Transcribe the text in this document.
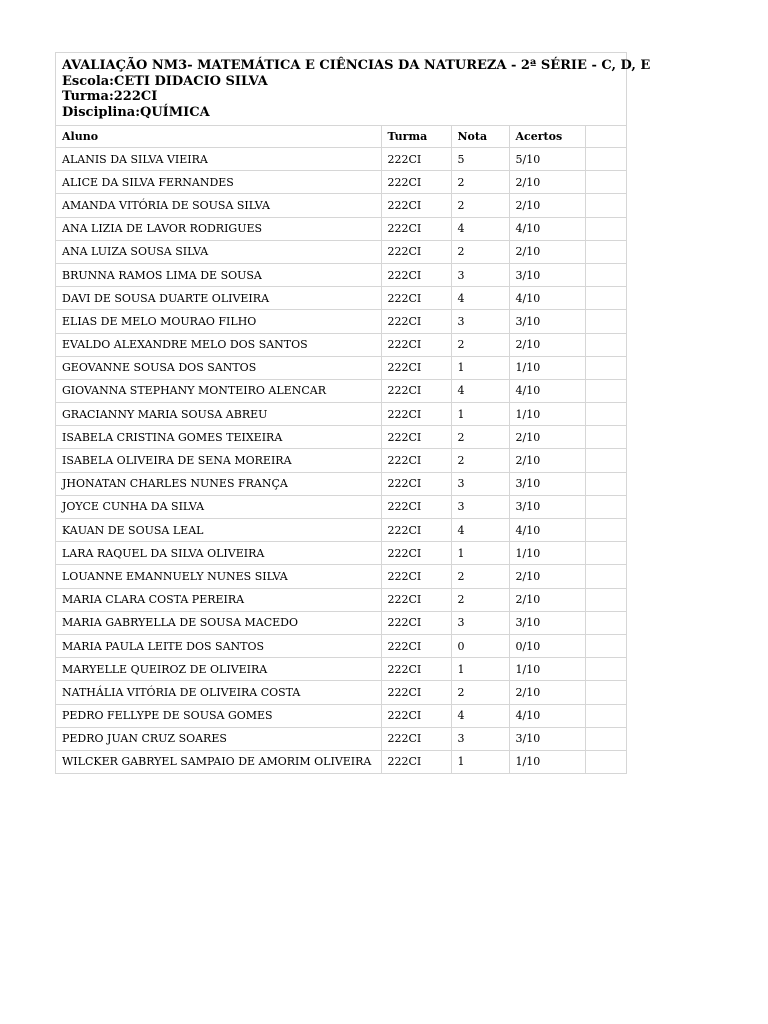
AVALIAÇÃO NM3- MATEMÁTICA E CIÊNCIAS DA NATUREZA - 2ª SÉRIE - C, D, E
Escola:CETI DIDACIO SILVA
Turma:222CI
Disciplina:QUÍMICA
Aluno	Turma	Nota	Acertos	
ALANIS DA SILVA VIEIRA	222CI	5	5/10	
ALICE DA SILVA FERNANDES	222CI	2	2/10	
AMANDA VITÓRIA DE SOUSA SILVA	222CI	2	2/10	
ANA LIZIA DE LAVOR RODRIGUES	222CI	4	4/10	
ANA LUIZA SOUSA SILVA	222CI	2	2/10	
BRUNNA RAMOS LIMA DE SOUSA	222CI	3	3/10	
DAVI DE SOUSA DUARTE OLIVEIRA	222CI	4	4/10	
ELIAS DE MELO MOURAO FILHO	222CI	3	3/10	
EVALDO ALEXANDRE MELO DOS SANTOS	222CI	2	2/10	
GEOVANNE SOUSA DOS SANTOS	222CI	1	1/10	
GIOVANNA STEPHANY MONTEIRO ALENCAR	222CI	4	4/10	
GRACIANNY MARIA SOUSA ABREU	222CI	1	1/10	
ISABELA CRISTINA GOMES TEIXEIRA	222CI	2	2/10	
ISABELA OLIVEIRA DE SENA MOREIRA	222CI	2	2/10	
JHONATAN CHARLES NUNES FRANÇA	222CI	3	3/10	
JOYCE CUNHA DA SILVA	222CI	3	3/10	
KAUAN DE SOUSA LEAL	222CI	4	4/10	
LARA RAQUEL DA SILVA OLIVEIRA	222CI	1	1/10	
LOUANNE EMANNUELY NUNES SILVA	222CI	2	2/10	
MARIA CLARA COSTA PEREIRA	222CI	2	2/10	
MARIA GABRYELLA DE SOUSA MACEDO	222CI	3	3/10	
MARIA PAULA LEITE DOS SANTOS	222CI	0	0/10	
MARYELLE QUEIROZ DE OLIVEIRA	222CI	1	1/10	
NATHÁLIA VITÓRIA DE OLIVEIRA COSTA	222CI	2	2/10	
PEDRO FELLYPE DE SOUSA GOMES	222CI	4	4/10	
PEDRO JUAN CRUZ SOARES	222CI	3	3/10	
WILCKER GABRYEL SAMPAIO DE AMORIM OLIVEIRA	222CI	1	1/10	
